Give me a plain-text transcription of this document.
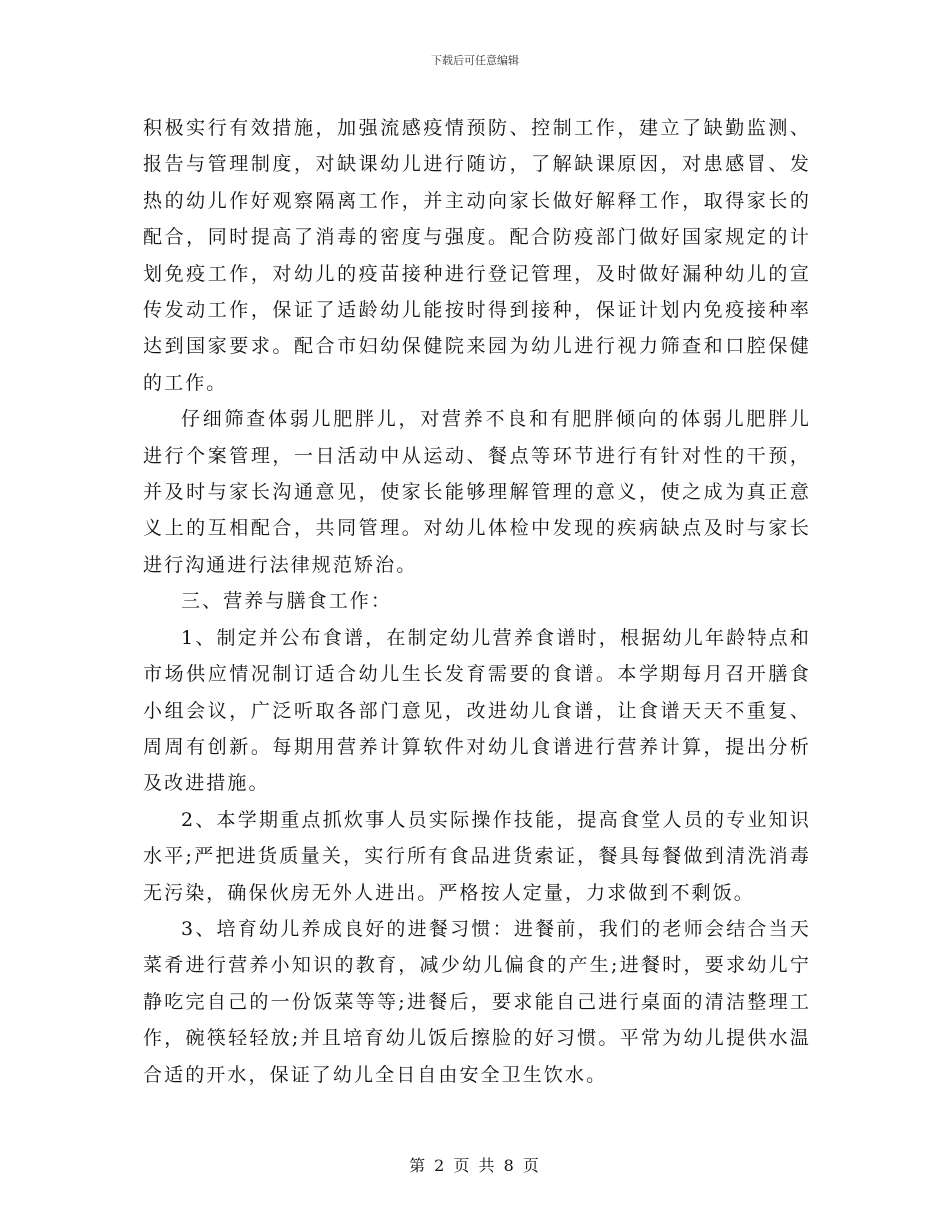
下载后可任意编辑

积极实行有效措施，加强流感疫情预防、控制工作，建立了缺勤监测、报告与管理制度，对缺课幼儿进行随访，了解缺课原因，对患感冒、发热的幼儿作好观察隔离工作，并主动向家长做好解释工作，取得家长的配合，同时提高了消毒的密度与强度。配合防疫部门做好国家规定的计划免疫工作，对幼儿的疫苗接种进行登记管理，及时做好漏种幼儿的宣传发动工作，保证了适龄幼儿能按时得到接种，保证计划内免疫接种率达到国家要求。配合市妇幼保健院来园为幼儿进行视力筛查和口腔保健的工作。

仔细筛查体弱儿肥胖儿，对营养不良和有肥胖倾向的体弱儿肥胖儿进行个案管理，一日活动中从运动、餐点等环节进行有针对性的干预，并及时与家长沟通意见，使家长能够理解管理的意义，使之成为真正意义上的互相配合，共同管理。对幼儿体检中发现的疾病缺点及时与家长进行沟通进行法律规范矫治。

三、营养与膳食工作：

1、制定并公布食谱，在制定幼儿营养食谱时，根据幼儿年龄特点和市场供应情况制订适合幼儿生长发育需要的食谱。本学期每月召开膳食小组会议，广泛听取各部门意见，改进幼儿食谱，让食谱天天不重复、周周有创新。每期用营养计算软件对幼儿食谱进行营养计算，提出分析及改进措施。

2、本学期重点抓炊事人员实际操作技能，提高食堂人员的专业知识水平;严把进货质量关，实行所有食品进货索证，餐具每餐做到清洗消毒无污染，确保伙房无外人进出。严格按人定量，力求做到不剩饭。

3、培育幼儿养成良好的进餐习惯：进餐前，我们的老师会结合当天菜肴进行营养小知识的教育，减少幼儿偏食的产生;进餐时，要求幼儿宁静吃完自己的一份饭菜等等;进餐后，要求能自己进行桌面的清洁整理工作，碗筷轻轻放;并且培育幼儿饭后擦脸的好习惯。平常为幼儿提供水温合适的开水，保证了幼儿全日自由安全卫生饮水。

第 2 页 共 8 页
